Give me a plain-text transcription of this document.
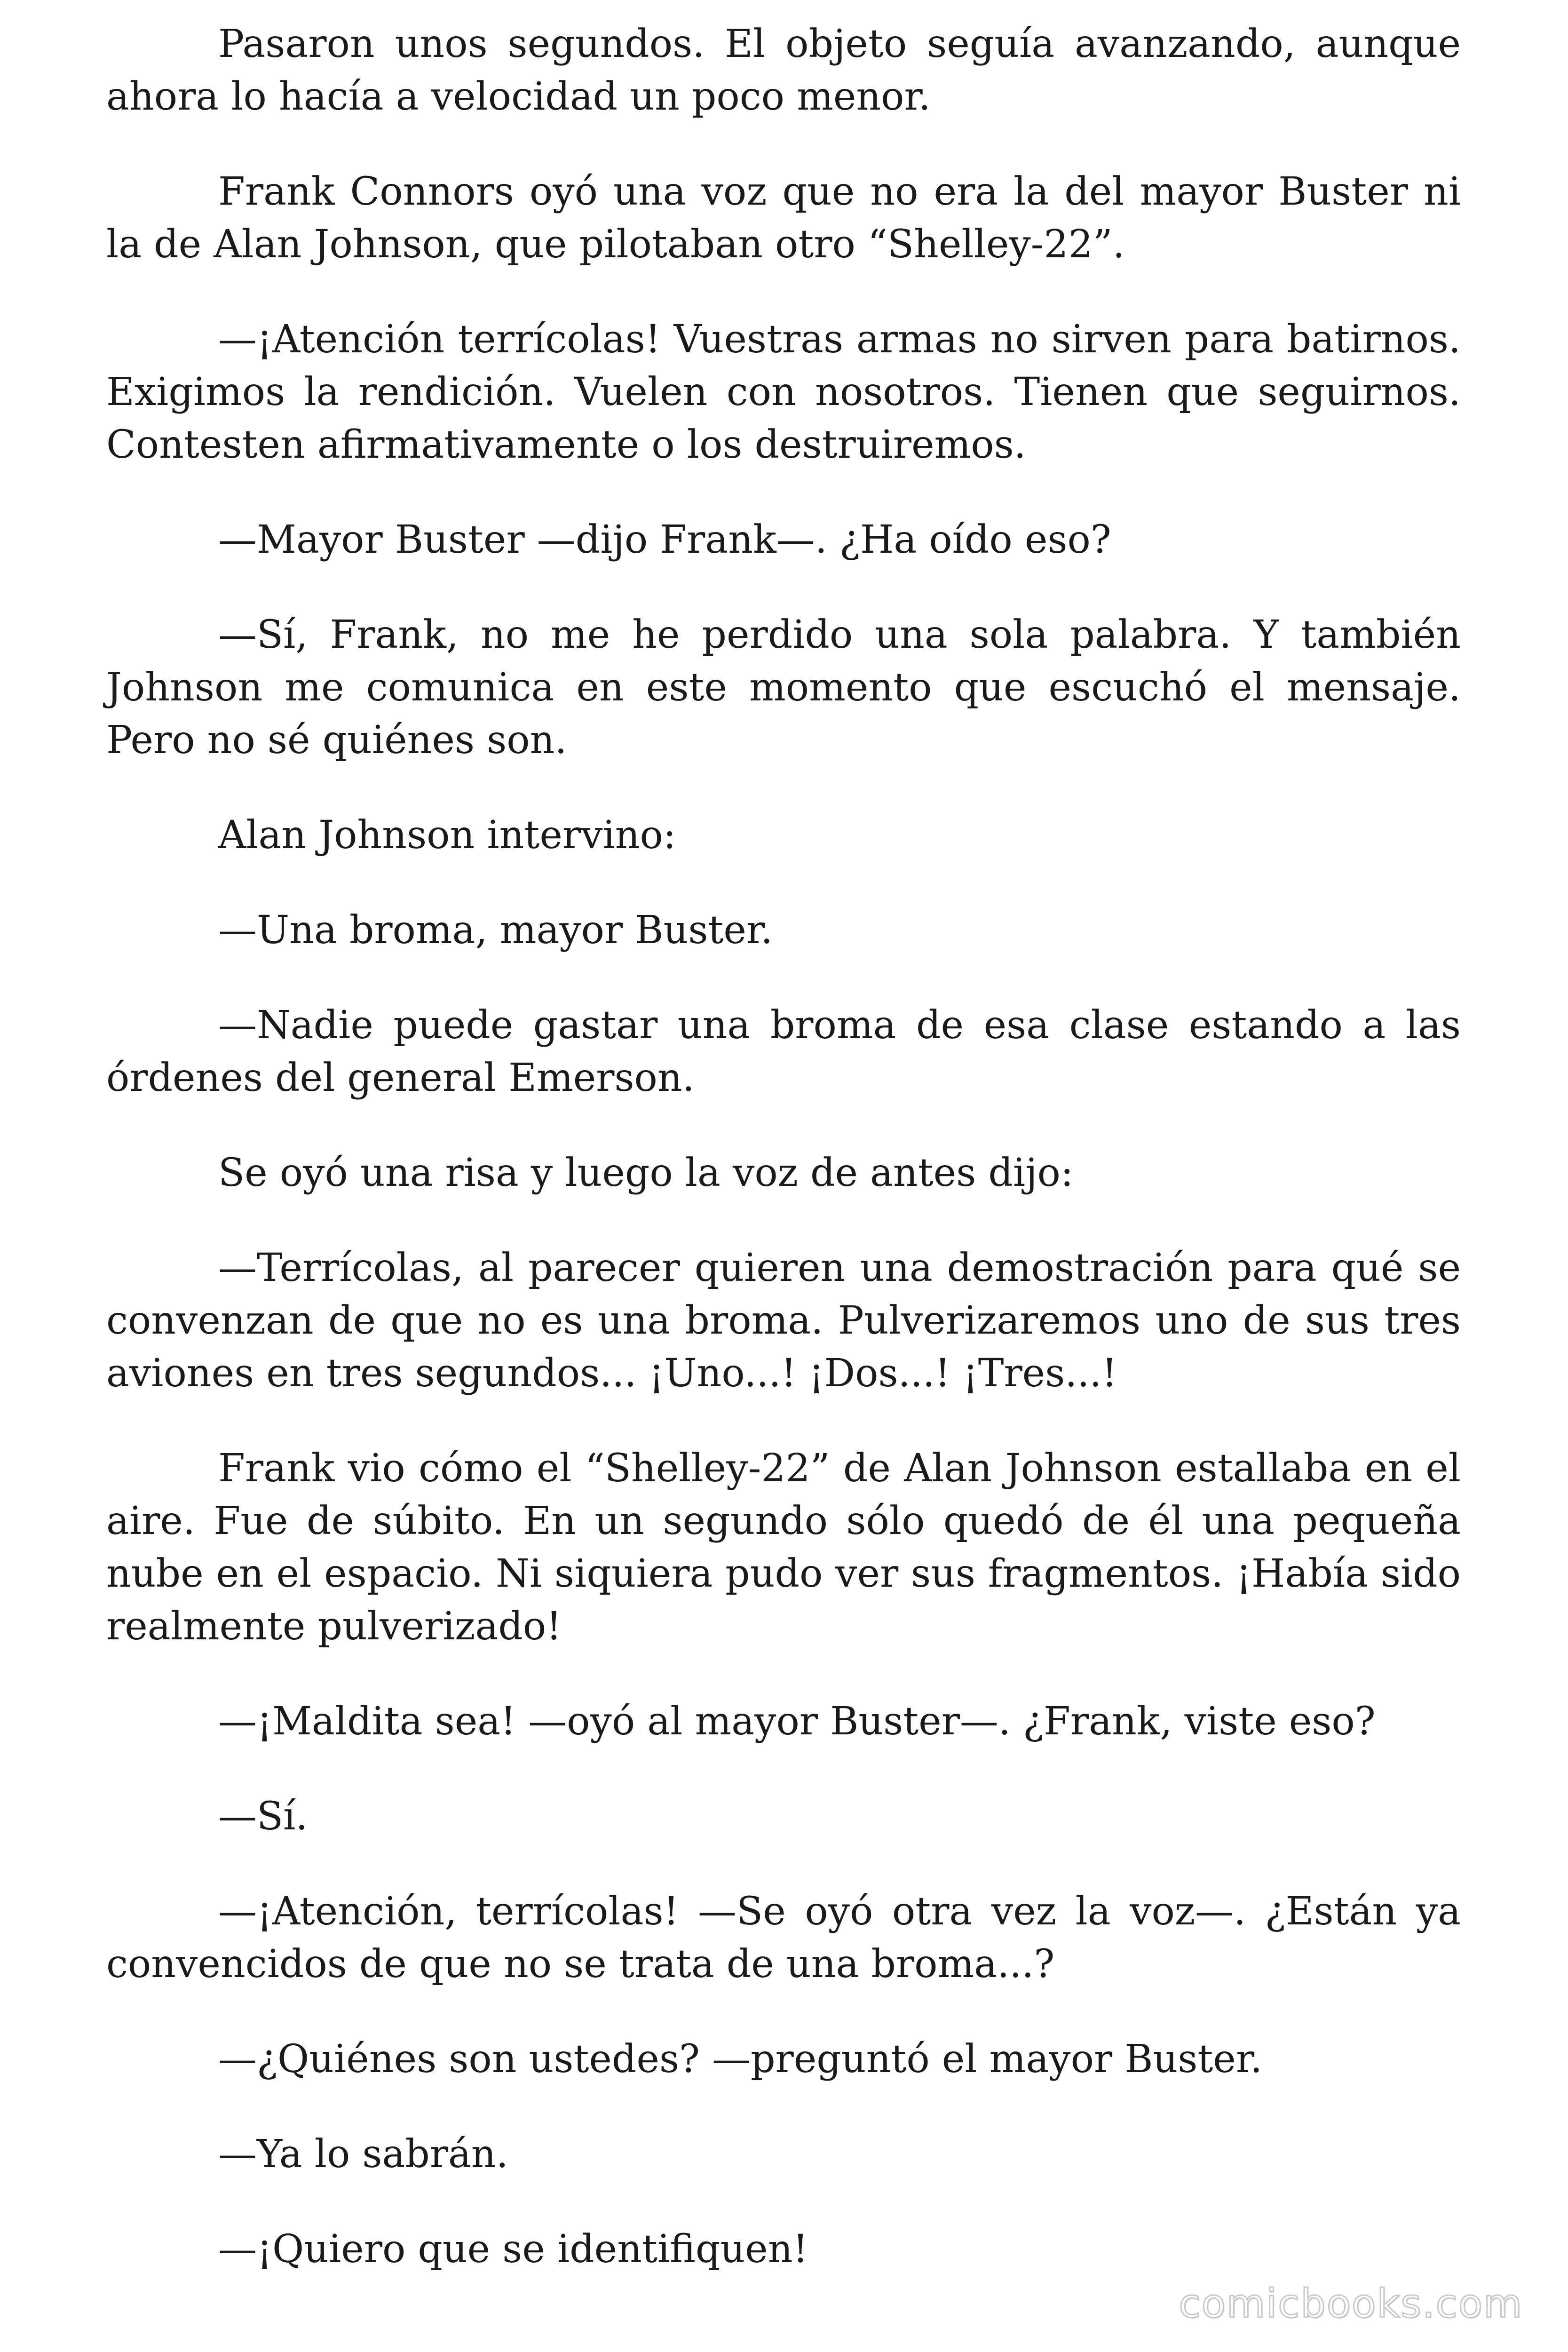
Pasaron unos segundos. El objeto seguía avanzando, aunque ahora lo hacía a velocidad un poco menor.

Frank Connors oyó una voz que no era la del mayor Buster ni la de Alan Johnson, que pilotaban otro “Shelley-22”.

—¡Atención terrícolas! Vuestras armas no sirven para batirnos. Exigimos la rendición. Vuelen con nosotros. Tienen que seguirnos. Contesten afirmativamente o los destruiremos.

—Mayor Buster —dijo Frank—. ¿Ha oído eso?

—Sí, Frank, no me he perdido una sola palabra. Y también Johnson me comunica en este momento que escuchó el mensaje. Pero no sé quiénes son.

Alan Johnson intervino:

—Una broma, mayor Buster.

—Nadie puede gastar una broma de esa clase estando a las órdenes del general Emerson.

Se oyó una risa y luego la voz de antes dijo:

—Terrícolas, al parecer quieren una demostración para qué se convenzan de que no es una broma. Pulverizaremos uno de sus tres aviones en tres segundos... ¡Uno...! ¡Dos...! ¡Tres...!

Frank vio cómo el “Shelley-22” de Alan Johnson estallaba en el aire. Fue de súbito. En un segundo sólo quedó de él una pequeña nube en el espacio. Ni siquiera pudo ver sus fragmentos. ¡Había sido realmente pulverizado!

—¡Maldita sea! —oyó al mayor Buster—. ¿Frank, viste eso?

—Sí.

—¡Atención, terrícolas! —Se oyó otra vez la voz—. ¿Están ya convencidos de que no se trata de una broma...?

—¿Quiénes son ustedes? —preguntó el mayor Buster.

—Ya lo sabrán.

—¡Quiero que se identifiquen!

comicbooks.com
